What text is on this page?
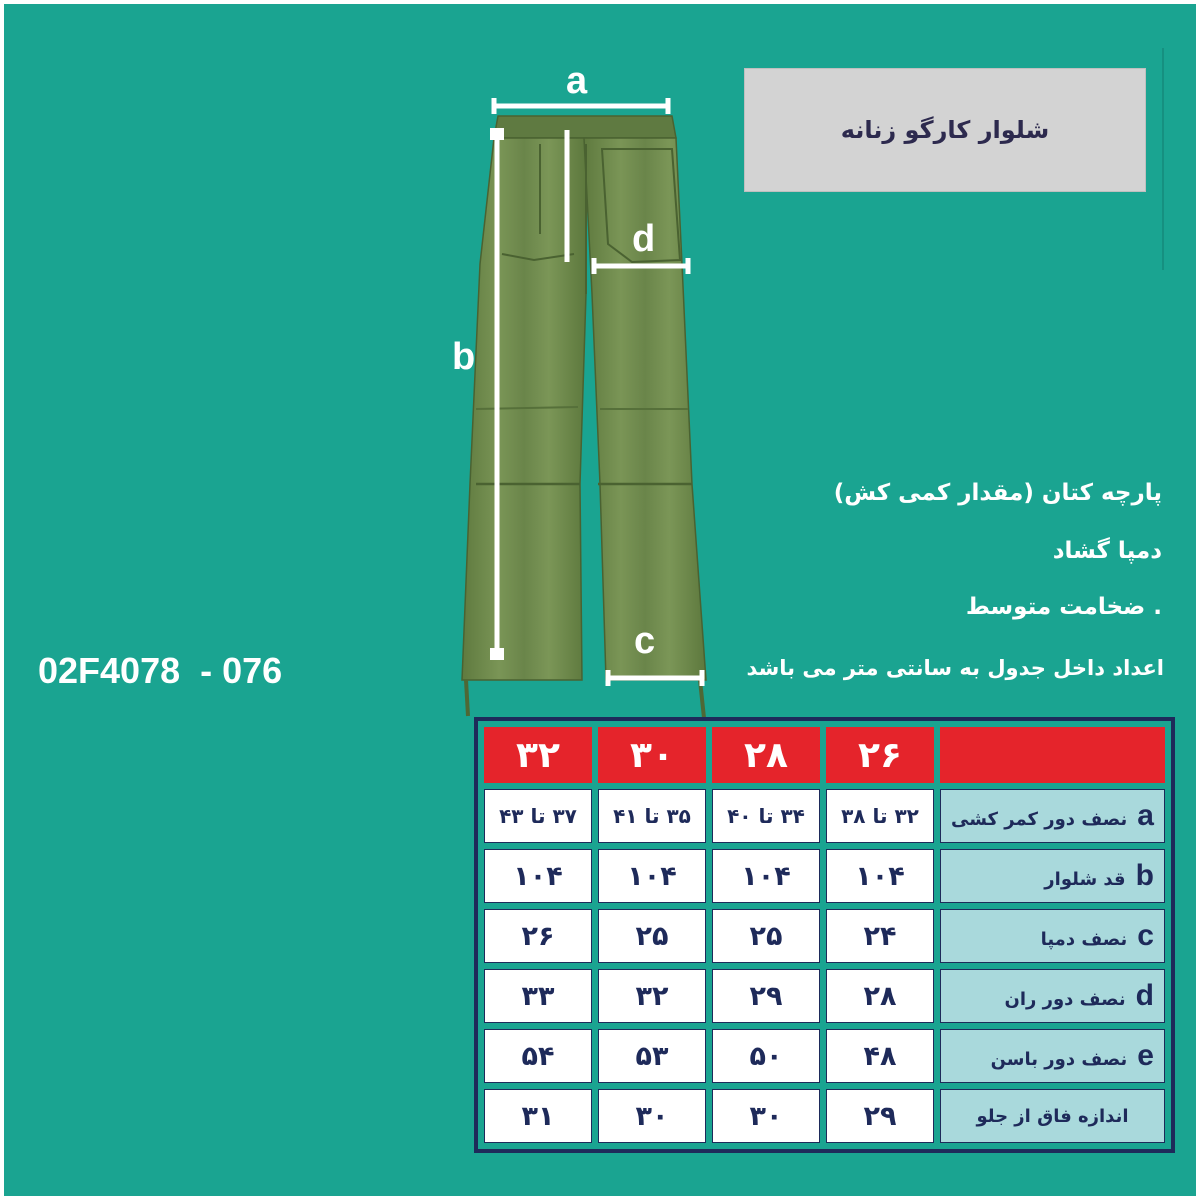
شلوار کارگو زنانه
a
b
d
c
پارچه کتان (مقدار کمی کش)
دمپا گشاد
. ضخامت متوسط
اعداد داخل جدول به سانتی متر می باشد
02F4078  - 076
۳۲	۳۰	۲۸	۲۶	
۳۷ تا ۴۳	۳۵ تا ۴۱	۳۴ تا ۴۰	۳۲ تا ۳۸	aنصف دور کمر کشی
۱۰۴	۱۰۴	۱۰۴	۱۰۴	bقد شلوار
۲۶	۲۵	۲۵	۲۴	cنصف دمپا
۳۳	۳۲	۲۹	۲۸	dنصف دور ران
۵۴	۵۳	۵۰	۴۸	eنصف دور باسن
۳۱	۳۰	۳۰	۲۹	اندازه فاق از جلو
